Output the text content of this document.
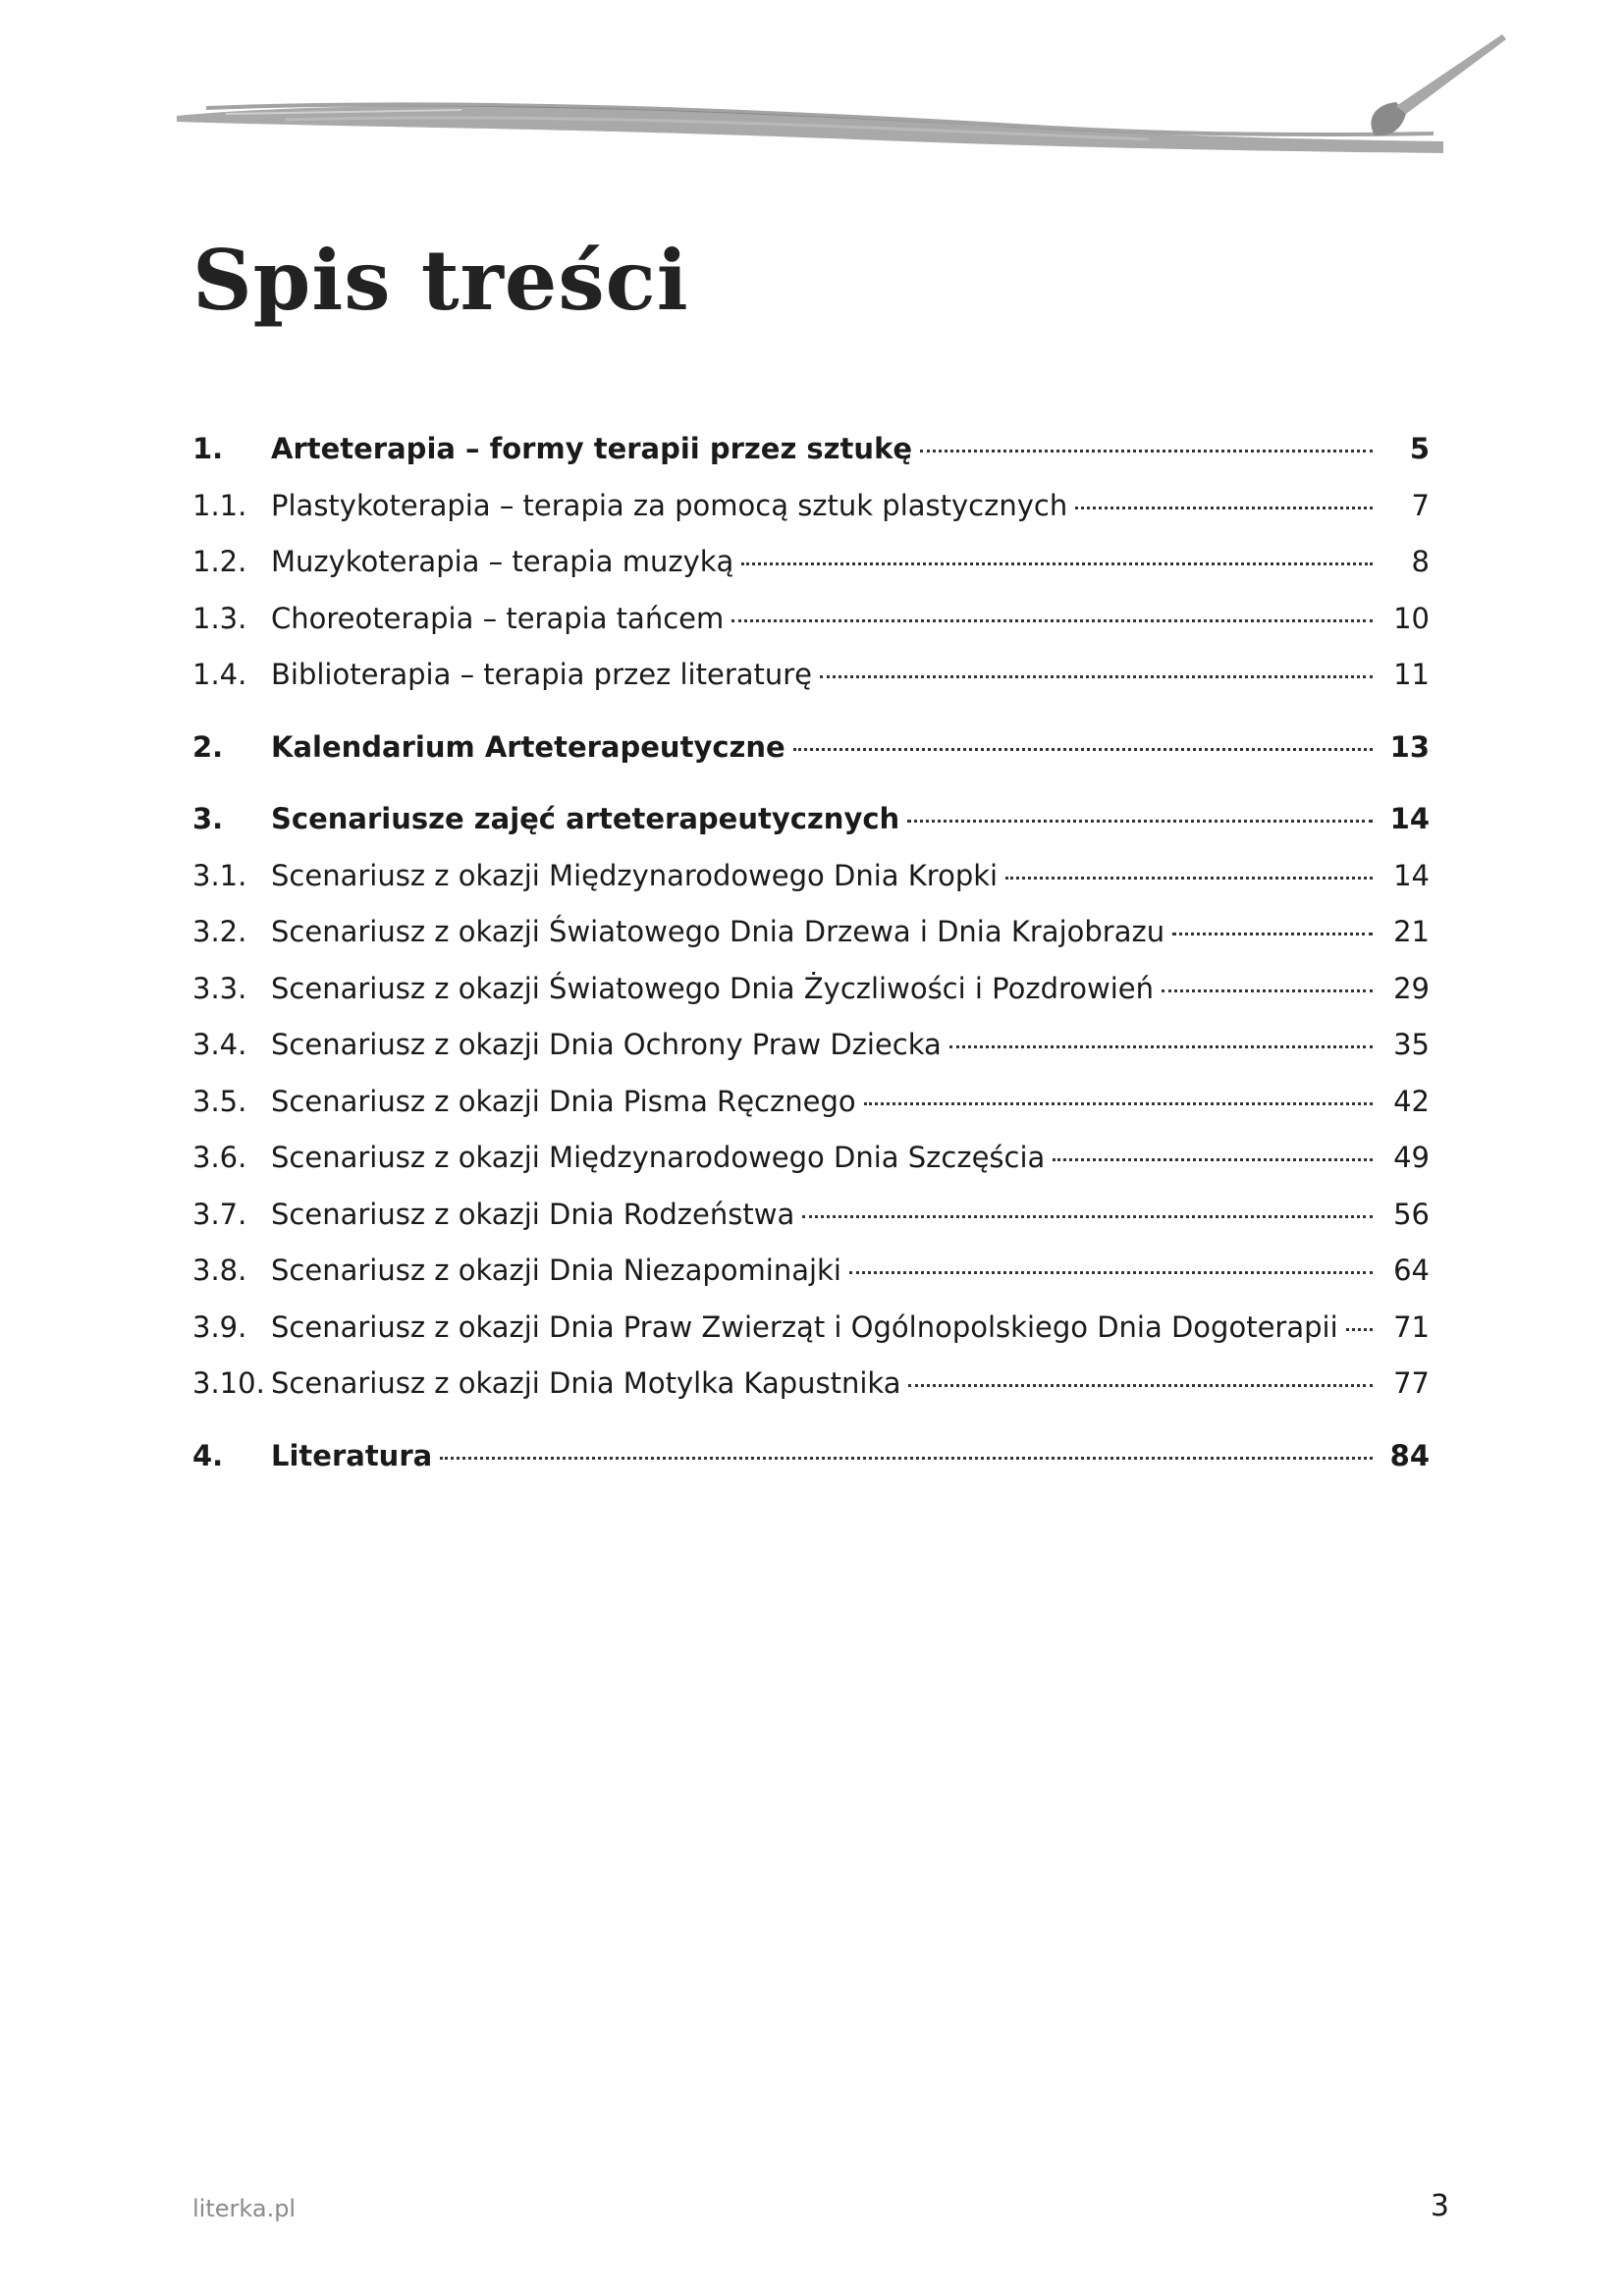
Spis treści
1.	Arteterapia – formy terapii przez sztukę	5
1.1. Plastykoterapia – terapia za pomocą sztuk plastycznych	7
1.2. Muzykoterapia – terapia muzyką	8
1.3. Choreoterapia – terapia tańcem	10
1.4. Biblioterapia – terapia przez literaturę	11
2.	Kalendarium Arteterapeutyczne	13
3.	Scenariusze zajęć arteterapeutycznych	14
3.1. Scenariusz z okazji Międzynarodowego Dnia Kropki	14
3.2. Scenariusz z okazji Światowego Dnia Drzewa i Dnia Krajobrazu	21
3.3. Scenariusz z okazji Światowego Dnia Życzliwości i Pozdrowień	29
3.4. Scenariusz z okazji Dnia Ochrony Praw Dziecka	35
3.5. Scenariusz z okazji Dnia Pisma Ręcznego	42
3.6. Scenariusz z okazji Międzynarodowego Dnia Szczęścia	49
3.7. Scenariusz z okazji Dnia Rodzeństwa	56
3.8. Scenariusz z okazji Dnia Niezapominajki	64
3.9. Scenariusz z okazji Dnia Praw Zwierząt i Ogólnopolskiego Dnia Dogoterapii	71
3.10. Scenariusz z okazji Dnia Motylka Kapustnika	77
4.	Literatura	84
literka.pl	3
